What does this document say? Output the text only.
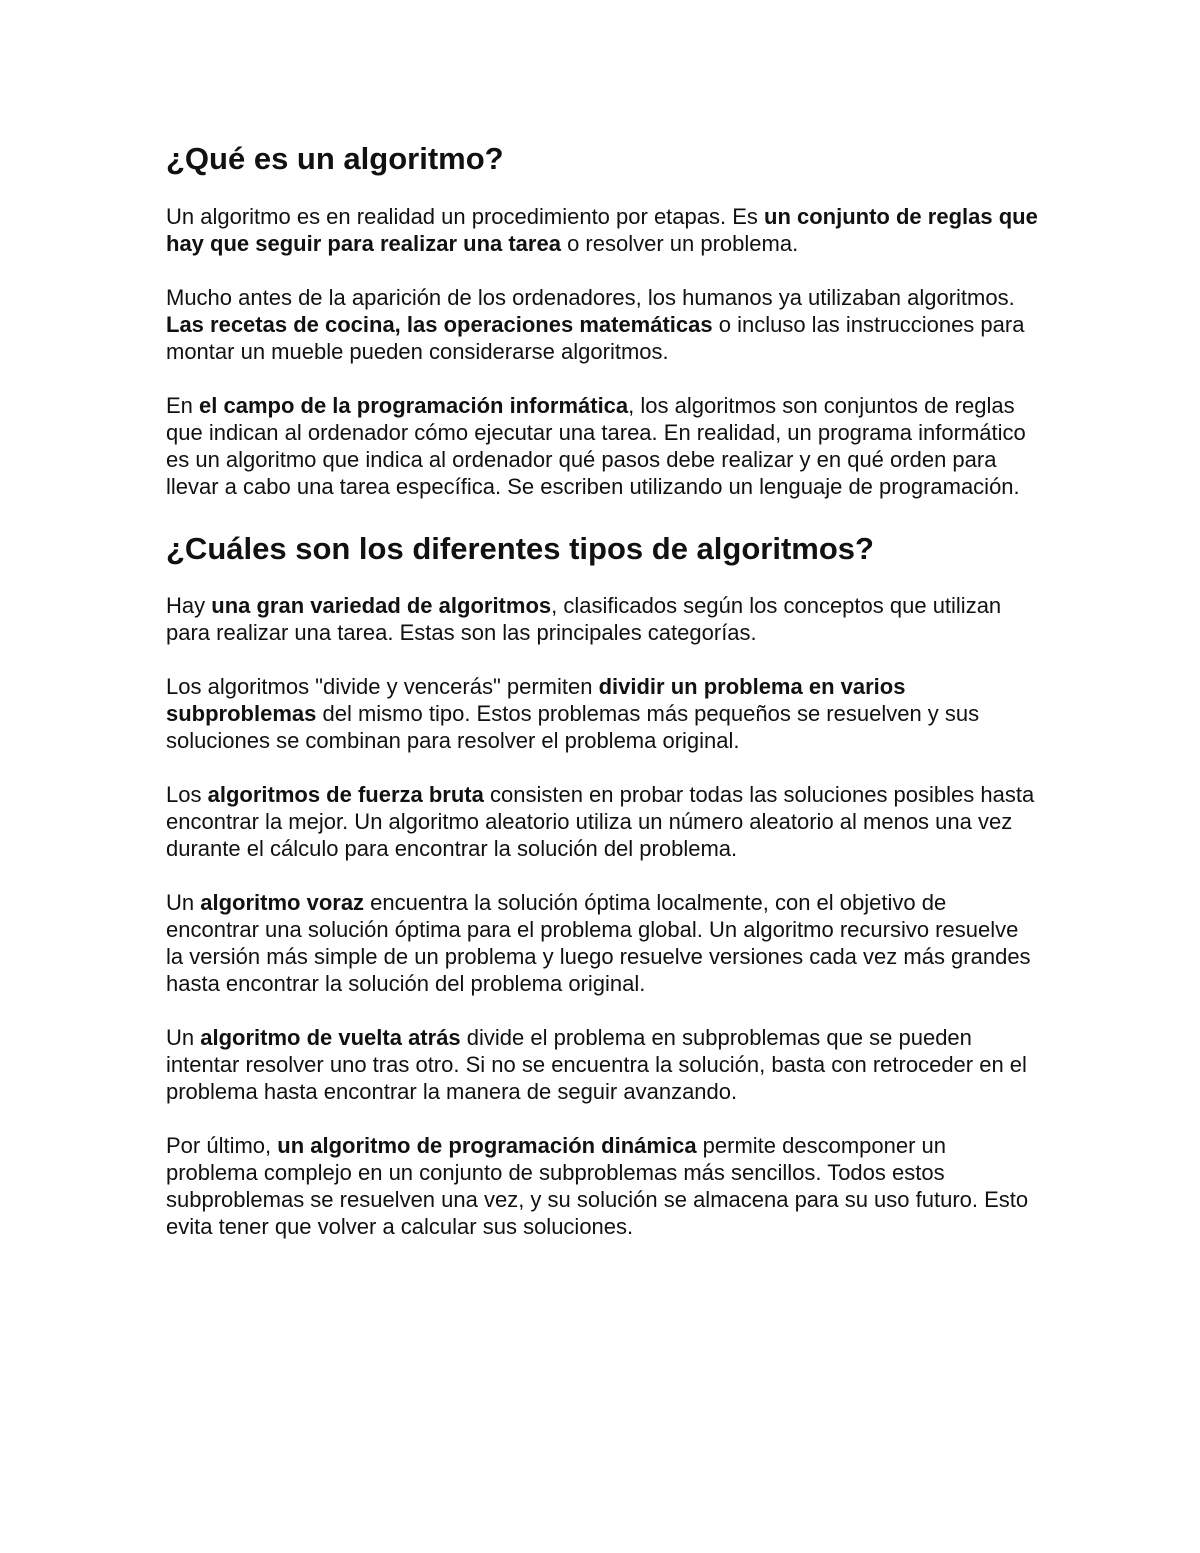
¿Qué es un algoritmo?

Un algoritmo es en realidad un procedimiento por etapas. Es un conjunto de reglas que hay que seguir para realizar una tarea o resolver un problema.

Mucho antes de la aparición de los ordenadores, los humanos ya utilizaban algoritmos. Las recetas de cocina, las operaciones matemáticas o incluso las instrucciones para montar un mueble pueden considerarse algoritmos.

En el campo de la programación informática, los algoritmos son conjuntos de reglas que indican al ordenador cómo ejecutar una tarea. En realidad, un programa informático es un algoritmo que indica al ordenador qué pasos debe realizar y en qué orden para llevar a cabo una tarea específica. Se escriben utilizando un lenguaje de programación.

¿Cuáles son los diferentes tipos de algoritmos?

Hay una gran variedad de algoritmos, clasificados según los conceptos que utilizan para realizar una tarea. Estas son las principales categorías.

Los algoritmos "divide y vencerás" permiten dividir un problema en varios subproblemas del mismo tipo. Estos problemas más pequeños se resuelven y sus soluciones se combinan para resolver el problema original.

Los algoritmos de fuerza bruta consisten en probar todas las soluciones posibles hasta encontrar la mejor. Un algoritmo aleatorio utiliza un número aleatorio al menos una vez durante el cálculo para encontrar la solución del problema.

Un algoritmo voraz encuentra la solución óptima localmente, con el objetivo de encontrar una solución óptima para el problema global. Un algoritmo recursivo resuelve la versión más simple de un problema y luego resuelve versiones cada vez más grandes hasta encontrar la solución del problema original.

Un algoritmo de vuelta atrás divide el problema en subproblemas que se pueden intentar resolver uno tras otro. Si no se encuentra la solución, basta con retroceder en el problema hasta encontrar la manera de seguir avanzando.

Por último, un algoritmo de programación dinámica permite descomponer un problema complejo en un conjunto de subproblemas más sencillos. Todos estos subproblemas se resuelven una vez, y su solución se almacena para su uso futuro. Esto evita tener que volver a calcular sus soluciones.
